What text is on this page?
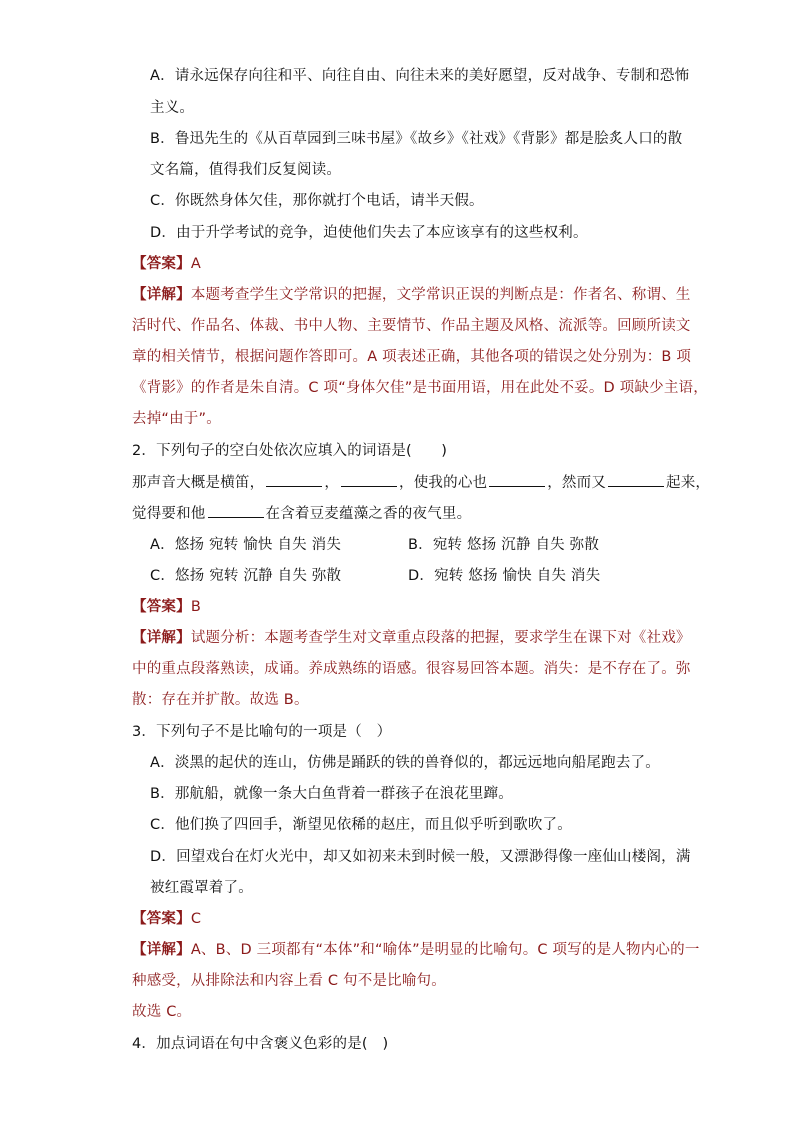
A．请永远保存向往和平、向往自由、向往未来的美好愿望，反对战争、专制和恐怖
主义。
B．鲁迅先生的《从百草园到三味书屋》《故乡》《社戏》《背影》都是脍炙人口的散
文名篇，值得我们反复阅读。
C．你既然身体欠佳，那你就打个电话，请半天假。
D．由于升学考试的竞争，迫使他们失去了本应该享有的这些权利。
【答案】A
【详解】本题考查学生文学常识的把握，文学常识正误的判断点是：作者名、称谓、生
活时代、作品名、体裁、书中人物、主要情节、作品主题及风格、流派等。回顾所读文
章的相关情节，根据问题作答即可。A 项表述正确，其他各项的错误之处分别为：B 项
《背影》的作者是朱自清。C 项“身体欠佳”是书面用语，用在此处不妥。D 项缺少主语，
去掉“由于”。
2．下列句子的空白处依次应填入的词语是(　　)
那声音大概是横笛，	，	，使我的心也	，然而又	起来，
觉得要和他	在含着豆麦蕴藻之香的夜气里。
A．悠扬 宛转 愉快 自失 消失	B．宛转 悠扬 沉静 自失 弥散
C．悠扬 宛转 沉静 自失 弥散	D．宛转 悠扬 愉快 自失 消失
【答案】B
【详解】试题分析：本题考查学生对文章重点段落的把握，要求学生在课下对《社戏》
中的重点段落熟读，成诵。养成熟练的语感。很容易回答本题。消失：是不存在了。弥
散：存在并扩散。故选 B。
3．下列句子不是比喻句的一项是（　）
A．淡黑的起伏的连山，仿佛是踊跃的铁的兽脊似的，都远远地向船尾跑去了。
B．那航船，就像一条大白鱼背着一群孩子在浪花里蹿。
C．他们换了四回手，渐望见依稀的赵庄，而且似乎听到歌吹了。
D．回望戏台在灯火光中，却又如初来未到时候一般，又漂渺得像一座仙山楼阁，满
被红霞罩着了。
【答案】C
【详解】A、B、D 三项都有“本体”和“喻体”是明显的比喻句。C 项写的是人物内心的一
种感受，从排除法和内容上看 C 句不是比喻句。
故选 C。
4．加点词语在句中含褒义色彩的是(　)
